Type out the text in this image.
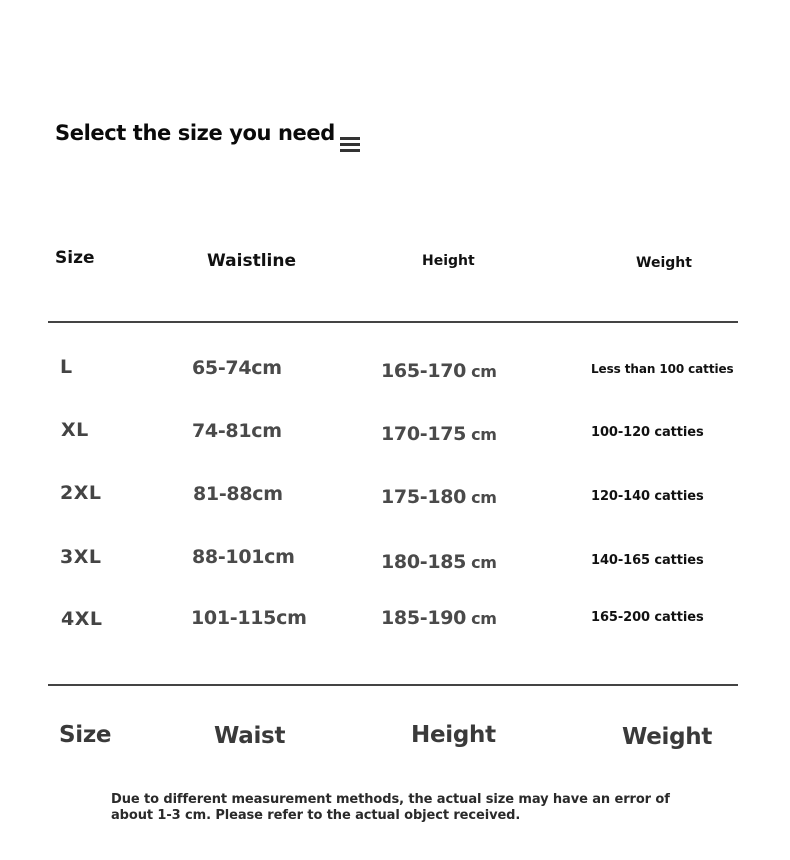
Select the size you need
Size	Waistline	Height	Weight
L	65-74cm	165-170 cm	Less than 100 catties
XL	74-81cm	170-175 cm	100-120 catties
2XL	81-88cm	175-180 cm	120-140 catties
3XL	88-101cm	180-185 cm	140-165 catties
4XL	101-115cm	185-190 cm	165-200 catties
Size	Waist	Height	Weight
Due to different measurement methods, the actual size may have an error of about 1-3 cm. Please refer to the actual object received.
